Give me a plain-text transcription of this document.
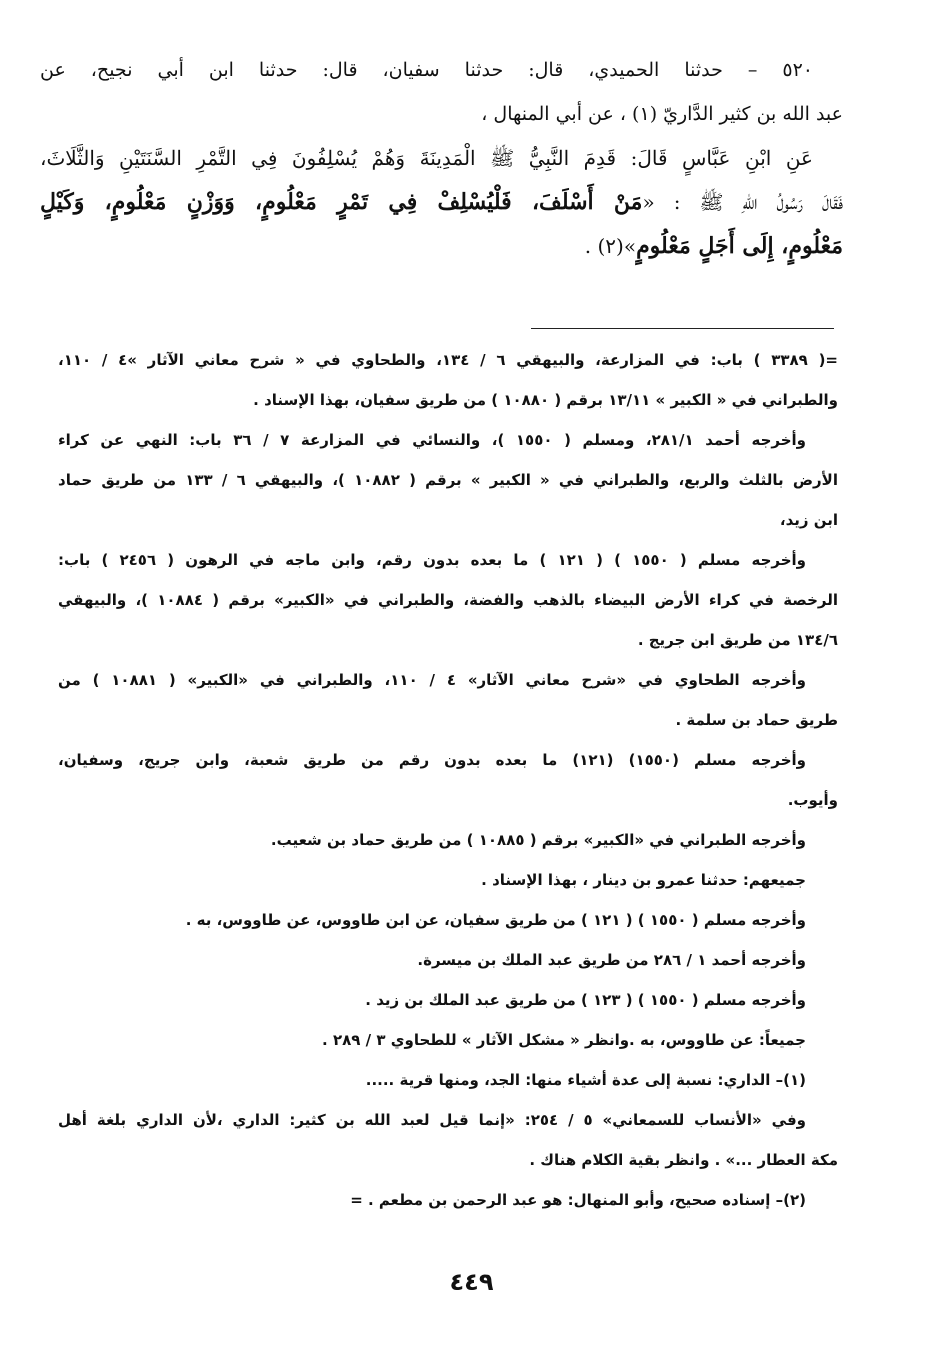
٥٢٠ – حدثنا الحميدي، قال: حدثنا سفيان، قال: حدثنا ابن أبي نجيح، عن
عبد الله بن كثير الدَّاريّ (١) ، عن أبي المنهال ،
عَنِ ابْنِ عَبَّاسٍ قَالَ: قَدِمَ النَّبِيُّ ﷺ الْمَدِينَةَ وَهُمْ يُسْلِفُونَ فِي التَّمْرِ السَّنَتَيْنِ وَالثَّلَاثَ،
فَقَالَ رَسُولُ اللهِ ﷺ : «مَنْ أَسْلَفَ، فَلْيُسْلِفْ فِي تَمْرٍ مَعْلُومٍ، وَوَزْنٍ مَعْلُومٍ، وَكَيْلٍ
مَعْلُومٍ، إِلَى أَجَلٍ مَعْلُومٍ»(٢) .
=( ٣٣٨٩ ) باب: في المزارعة، والبيهقي ٦ / ١٣٤، والطحاوي في « شرح معاني الآثار »٤ / ١١٠،
والطبراني في « الكبير » ١٣/١١ برقم ( ١٠٨٨٠ ) من طريق سفيان، بهذا الإسناد .
وأخرجه أحمد ٢٨١/١، ومسلم ( ١٥٥٠ )، والنسائي في المزارعة ٧ / ٣٦ باب: النهي عن كراء
الأرض بالثلث والربع، والطبراني في « الكبير » برقم ( ١٠٨٨٢ )، والبيهقي ٦ / ١٣٣ من طريق حماد
ابن زيد،
وأخرجه مسلم ( ١٥٥٠ ) ( ١٢١ ) ما بعده بدون رقم، وابن ماجه في الرهون ( ٢٤٥٦ ) باب:
الرخصة في كراء الأرض البيضاء بالذهب والفضة، والطبراني في «الكبير» برقم ( ١٠٨٨٤ )، والبيهقي
١٣٤/٦ من طريق ابن جريج .
وأخرجه الطحاوي في «شرح معاني الآثار» ٤ / ١١٠، والطبراني في «الكبير» ( ١٠٨٨١ ) من
طريق حماد بن سلمة .
وأخرجه مسلم (١٥٥٠) (١٢١) ما بعده بدون رقم من طريق شعبة، وابن جريج، وسفيان،
وأيوب.
وأخرجه الطبراني في «الكبير» برقم ( ١٠٨٨٥ ) من طريق حماد بن شعيب.
جميعهم: حدثنا عمرو بن دينار ، بهذا الإسناد .
وأخرجه مسلم ( ١٥٥٠ ) ( ١٢١ ) من طريق سفيان، عن ابن طاووس، عن طاووس، به .
وأخرجه أحمد ١ / ٢٨٦ من طريق عبد الملك بن ميسرة.
وأخرجه مسلم ( ١٥٥٠ ) ( ١٢٣ ) من طريق عبد الملك بن زيد .
جميعاً: عن طاووس، به .وانظر « مشكل الآثار » للطحاوي ٣ / ٢٨٩ .
(١)– الداري: نسبة إلى عدة أشياء منها: الجد، ومنها قرية .....
وفي «الأنساب للسمعاني» ٥ / ٢٥٤: «إنما قيل لعبد الله بن كثير: الداري ،لأن الداري بلغة أهل
مكة العطار ...» . وانظر بقية الكلام هناك .
(٢)– إسناده صحيح، وأبو المنهال: هو عبد الرحمن بن مطعم . =
٤٤٩
